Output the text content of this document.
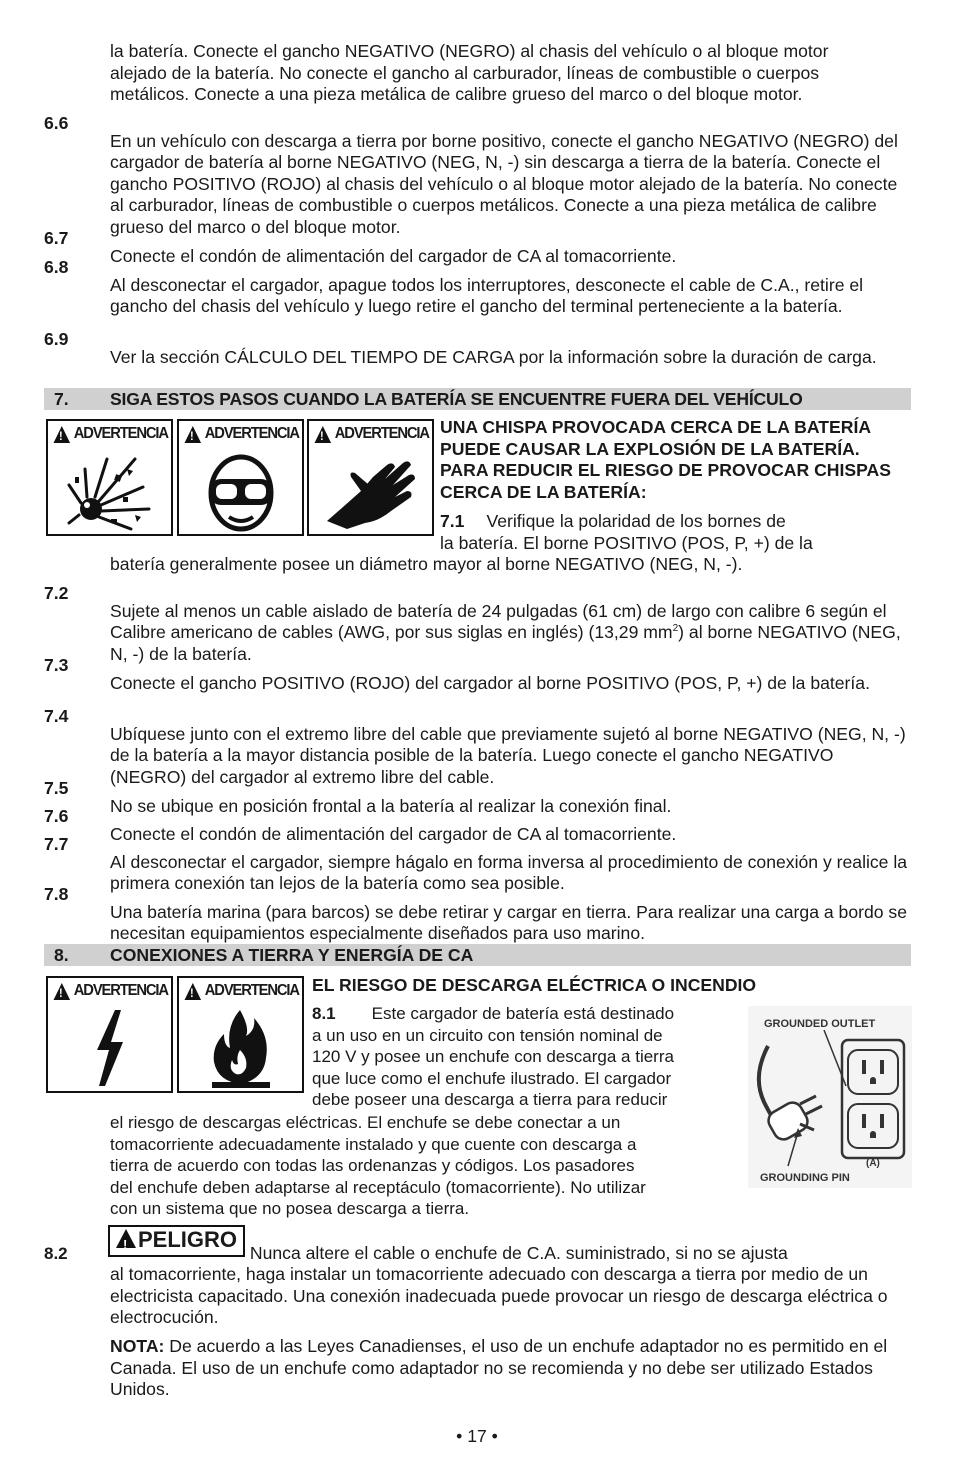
la batería. Conecte el gancho NEGATIVO (NEGRO) al chasis del vehículo o al bloque motor

alejado de la batería. No conecte el gancho al carburador, líneas de combustible o cuerpos

metálicos. Conecte a una pieza metálica de calibre grueso del marco o del bloque motor.

6.6

En un vehículo con descarga a tierra por borne positivo, conecte el gancho NEGATIVO (NEGRO) del cargador de batería al borne NEGATIVO (NEG, N, -) sin descarga a tierra de la batería. Conecte el gancho POSITIVO (ROJO) al chasis del vehículo o al bloque motor alejado de la batería. No conecte al carburador, líneas de combustible o cuerpos metálicos. Conecte a una pieza metálica de calibre grueso del marco o del bloque motor.

6.7

Conecte el condón de alimentación del cargador de CA al tomacorriente.

6.8

Al desconectar el cargador, apague todos los interruptores, desconecte el cable de C.A., retire el gancho del chasis del vehículo y luego retire el gancho del terminal perteneciente a la batería.

6.9

Ver la sección CÁLCULO DEL TIEMPO DE CARGA por la información sobre la duración de carga.

7. SIGA ESTOS PASOS CUANDO LA BATERÍA SE ENCUENTRE FUERA DEL VEHÍCULO
!
ADVERTENCIA ! ADVERTENCIA ! ADVERTENCIA UNA CHISPA PROVOCADA CERCA DE LA BATERÍA PUEDE CAUSAR LA EXPLOSIÓN DE LA BATERÍA. PARA REDUCIR EL RIESGO DE PROVOCAR CHISPAS CERCA DE LA BATERÍA:

7.1 Verifique la polaridad de los bornes de

la batería. El borne POSITIVO (POS, P, +) de la

batería generalmente posee un diámetro mayor al borne NEGATIVO (NEG, N, -).

7.2

Sujete al menos un cable aislado de batería de 24 pulgadas (61 cm) de largo con calibre 6 según el Calibre americano de cables (AWG, por sus siglas en inglés) (13,29 $mm^2$) al borne NEGATIVO (NEG, N, -) de la batería.

7.3

Conecte el gancho POSITIVO (ROJO) del cargador al borne POSITIVO (POS, P, +) de la batería.

7.4

Ubíquese junto con el extremo libre del cable que previamente sujetó al borne NEGATIVO (NEG, N, -) de la batería a la mayor distancia posible de la batería. Luego conecte el gancho NEGATIVO (NEGRO) del cargador al extremo libre del cable.

7.5

No se ubique en posición frontal a la batería al realizar la conexión final.

7.6

Conecte el condón de alimentación del cargador de CA al tomacorriente.

7.7

Al desconectar el cargador, siempre hágalo en forma inversa al procedimiento de conexión y realice la primera conexión tan lejos de la batería como sea posible.

7.8

Una batería marina (para barcos) se debe retirar y cargar en tierra. Para realizar una carga a bordo se necesitan equipamientos especialmente diseñados para uso marino.

8. CONEXIONES A TIERRA Y ENERGÍA DE CA
!
ADVERTENCIA ! ADVERTENCIA EL RIESGO DE DESCARGA ELÉCTRICA O INCENDIO

8.1 Este cargador de batería está destinado

a un uso en un circuito con tensión nominal de

120 V y posee un enchufe con descarga a tierra

que luce como el enchufe ilustrado. El cargador

debe poseer una descarga a tierra para reducir

el riesgo de descargas eléctricas. El enchufe se debe conectar a un

tomacorriente adecuadamente instalado y que cuente con descarga a

tierra de acuerdo con todas las ordenanzas y códigos. Los pasadores

del enchufe deben adaptarse al receptáculo (tomacorriente). No utilizar

con un sistema que no posea descarga a tierra.

GROUNDED OUTLET
(A)
GROUNDING PIN
8.2

!PELIGRO Nunca altere el cable o enchufe de C.A. suministrado, si no se ajusta

al tomacorriente, haga instalar un tomacorriente adecuado con descarga a tierra por medio de un electricista capacitado. Una conexión inadecuada puede provocar un riesgo de descarga eléctrica o electrocución.

NOTA: De acuerdo a las Leyes Canadienses, el uso de un enchufe adaptador no es permitido en el Canada. El uso de un enchufe como adaptador no se recomienda y no debe ser utilizado Estados Unidos.

• 17 •
